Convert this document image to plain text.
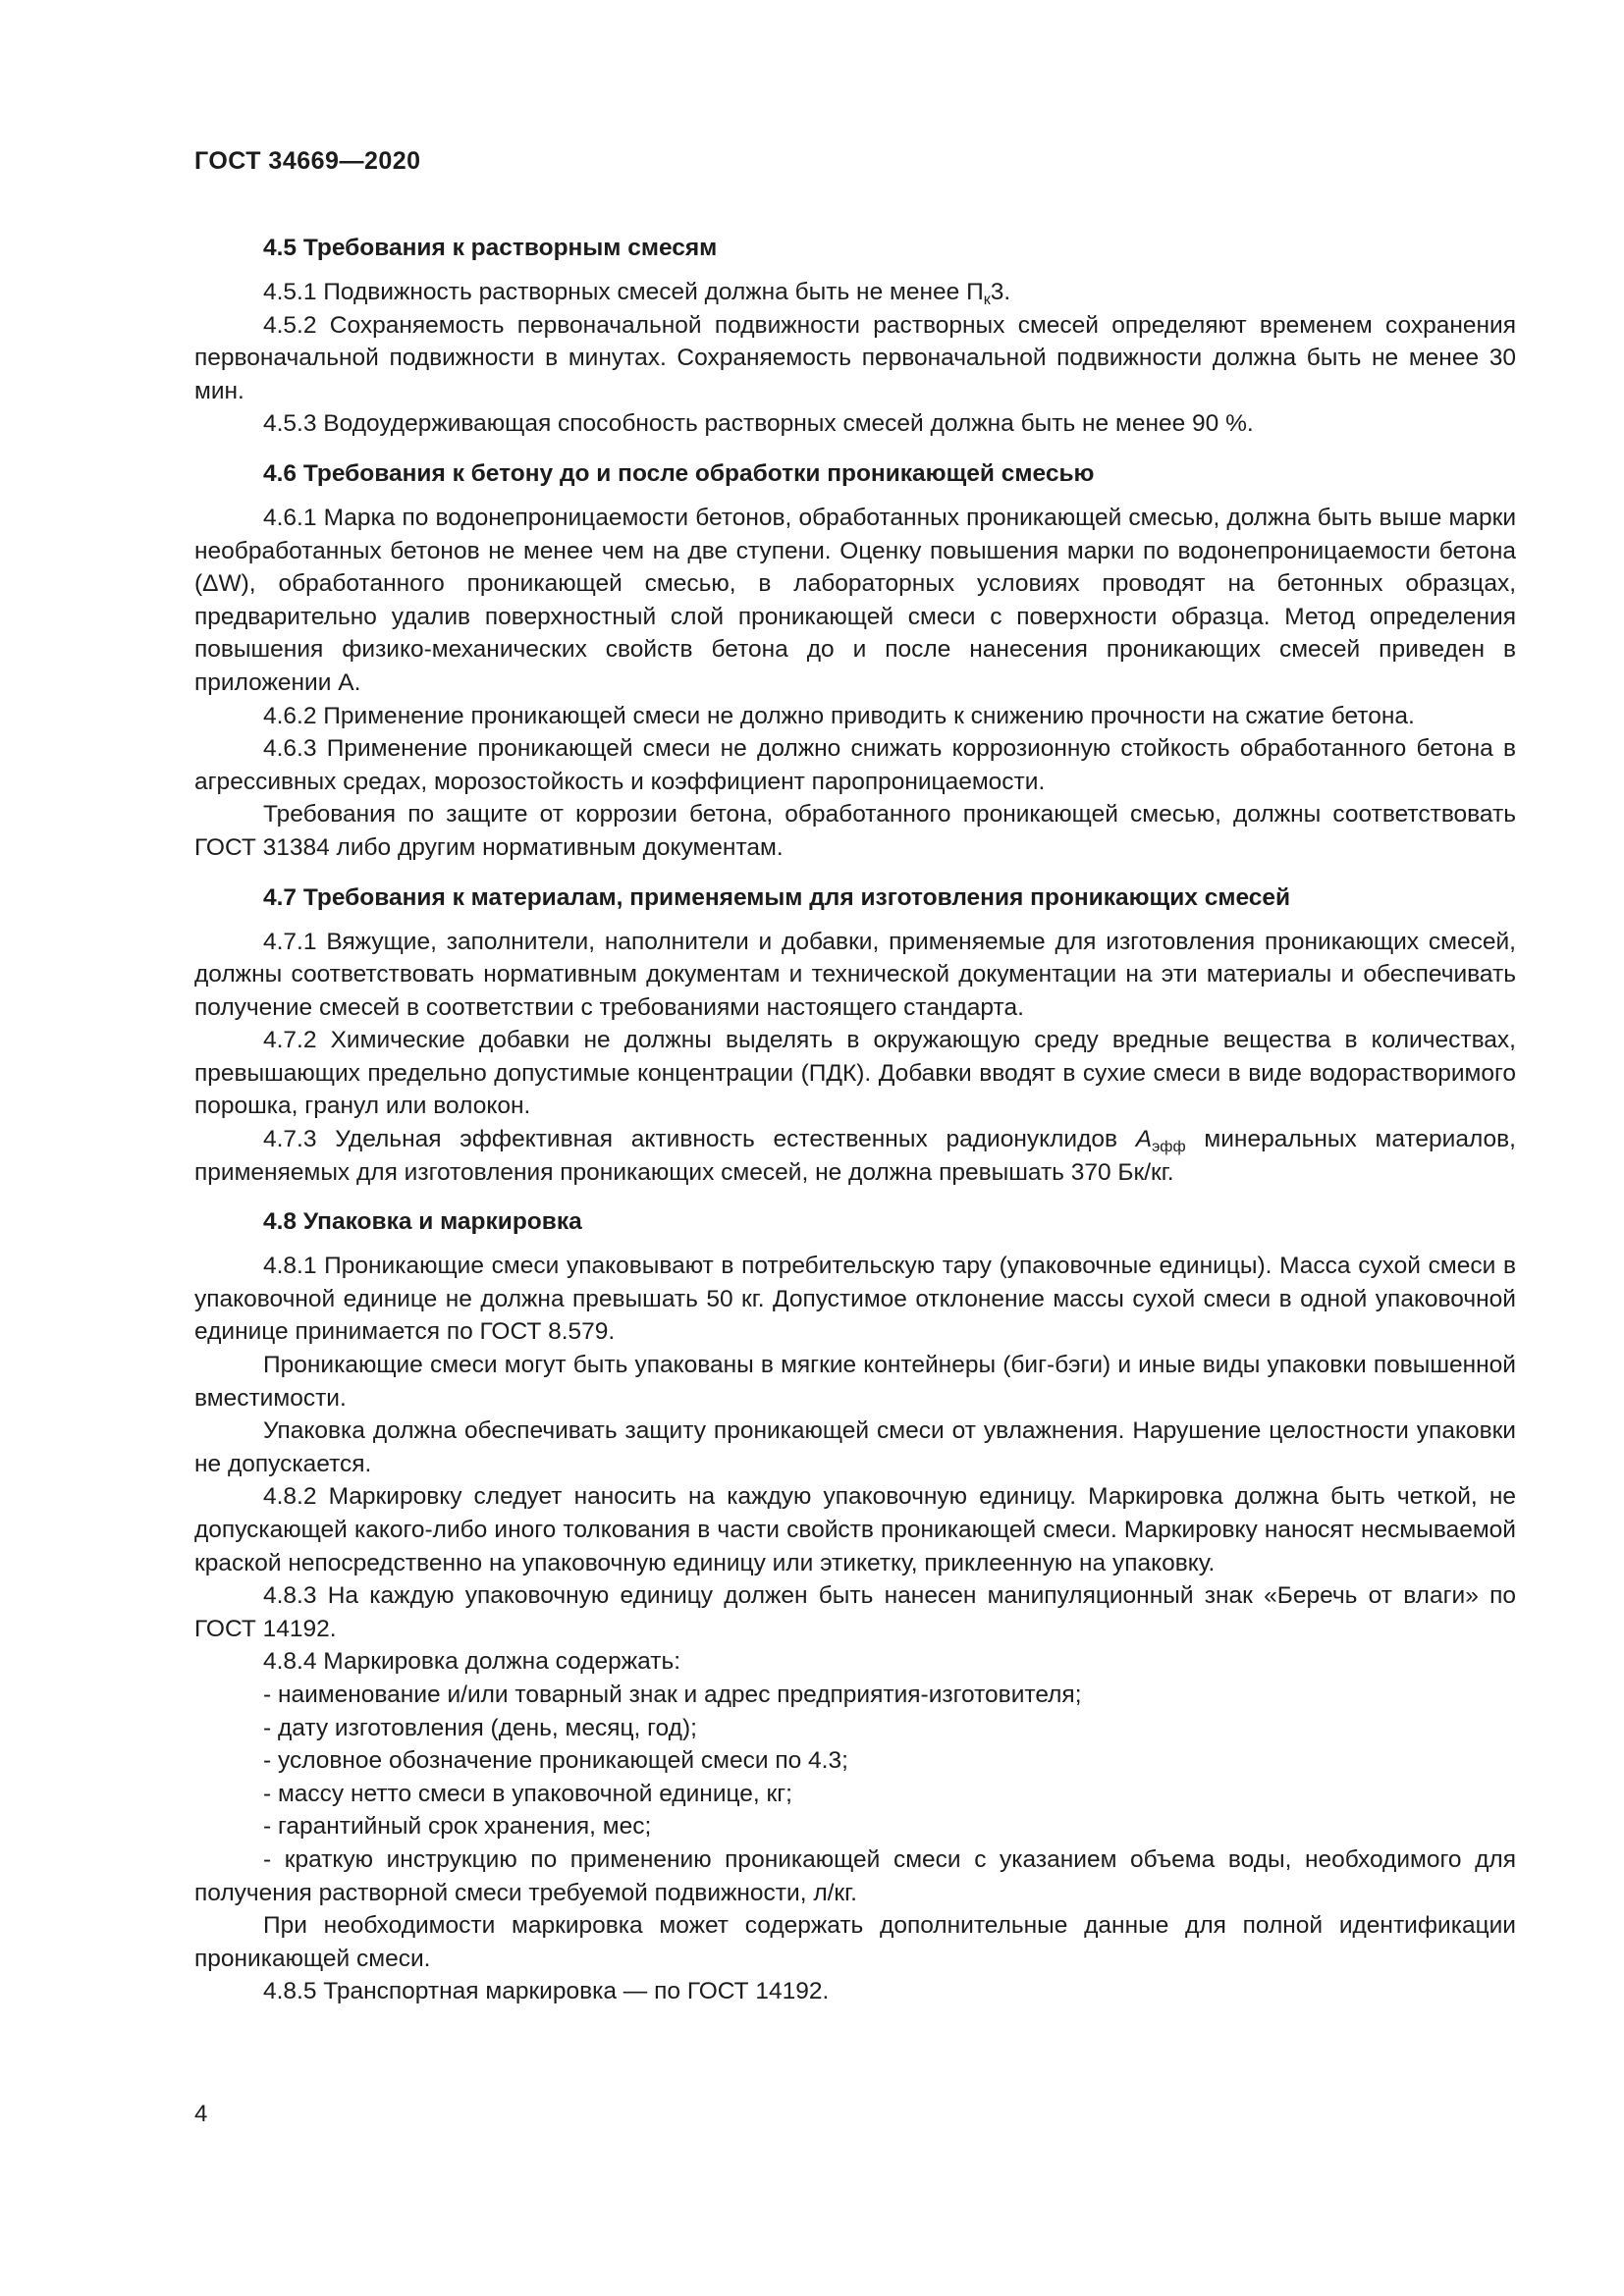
ГОСТ 34669—2020
4.5 Требования к растворным смесям

4.5.1 Подвижность растворных смесей должна быть не менее $П_к3$.

4.5.2 Сохраняемость первоначальной подвижности растворных смесей определяют временем сохранения первоначальной подвижности в минутах. Сохраняемость первоначальной подвижности должна быть не менее 30 мин.

4.5.3 Водоудерживающая способность растворных смесей должна быть не менее 90 %.

4.6 Требования к бетону до и после обработки проникающей смесью

4.6.1 Марка по водонепроницаемости бетонов, обработанных проникающей смесью, должна быть выше марки необработанных бетонов не менее чем на две ступени. Оценку повышения марки по водонепроницаемости бетона (ΔW), обработанного проникающей смесью, в лабораторных условиях проводят на бетонных образцах, предварительно удалив поверхностный слой проникающей смеси с поверхности образца. Метод определения повышения физико-механических свойств бетона до и после нанесения проникающих смесей приведен в приложении А.

4.6.2 Применение проникающей смеси не должно приводить к снижению прочности на сжатие бетона.

4.6.3 Применение проникающей смеси не должно снижать коррозионную стойкость обработанного бетона в агрессивных средах, морозостойкость и коэффициент паропроницаемости.

Требования по защите от коррозии бетона, обработанного проникающей смесью, должны соответствовать ГОСТ 31384 либо другим нормативным документам.

4.7 Требования к материалам, применяемым для изготовления проникающих смесей

4.7.1 Вяжущие, заполнители, наполнители и добавки, применяемые для изготовления проникающих смесей, должны соответствовать нормативным документам и технической документации на эти материалы и обеспечивать получение смесей в соответствии с требованиями настоящего стандарта.

4.7.2 Химические добавки не должны выделять в окружающую среду вредные вещества в количествах, превышающих предельно допустимые концентрации (ПДК). Добавки вводят в сухие смеси в виде водорастворимого порошка, гранул или волокон.

4.7.3 Удельная эффективная активность естественных радионуклидов $A_{эфф}$ минеральных материалов, применяемых для изготовления проникающих смесей, не должна превышать 370 Бк/кг.

4.8 Упаковка и маркировка

4.8.1 Проникающие смеси упаковывают в потребительскую тару (упаковочные единицы). Масса сухой смеси в упаковочной единице не должна превышать 50 кг. Допустимое отклонение массы сухой смеси в одной упаковочной единице принимается по ГОСТ 8.579.

Проникающие смеси могут быть упакованы в мягкие контейнеры (биг-бэги) и иные виды упаковки повышенной вместимости.

Упаковка должна обеспечивать защиту проникающей смеси от увлажнения. Нарушение целостности упаковки не допускается.

4.8.2 Маркировку следует наносить на каждую упаковочную единицу. Маркировка должна быть четкой, не допускающей какого-либо иного толкования в части свойств проникающей смеси. Маркировку наносят несмываемой краской непосредственно на упаковочную единицу или этикетку, приклеенную на упаковку.

4.8.3 На каждую упаковочную единицу должен быть нанесен манипуляционный знак «Беречь от влаги» по ГОСТ 14192.

4.8.4 Маркировка должна содержать:

- наименование и/или товарный знак и адрес предприятия-изготовителя;

- дату изготовления (день, месяц, год);

- условное обозначение проникающей смеси по 4.3;

- массу нетто смеси в упаковочной единице, кг;

- гарантийный срок хранения, мес;

- краткую инструкцию по применению проникающей смеси с указанием объема воды, необходимого для получения растворной смеси требуемой подвижности, л/кг.

При необходимости маркировка может содержать дополнительные данные для полной идентификации проникающей смеси.

4.8.5 Транспортная маркировка — по ГОСТ 14192.

4
